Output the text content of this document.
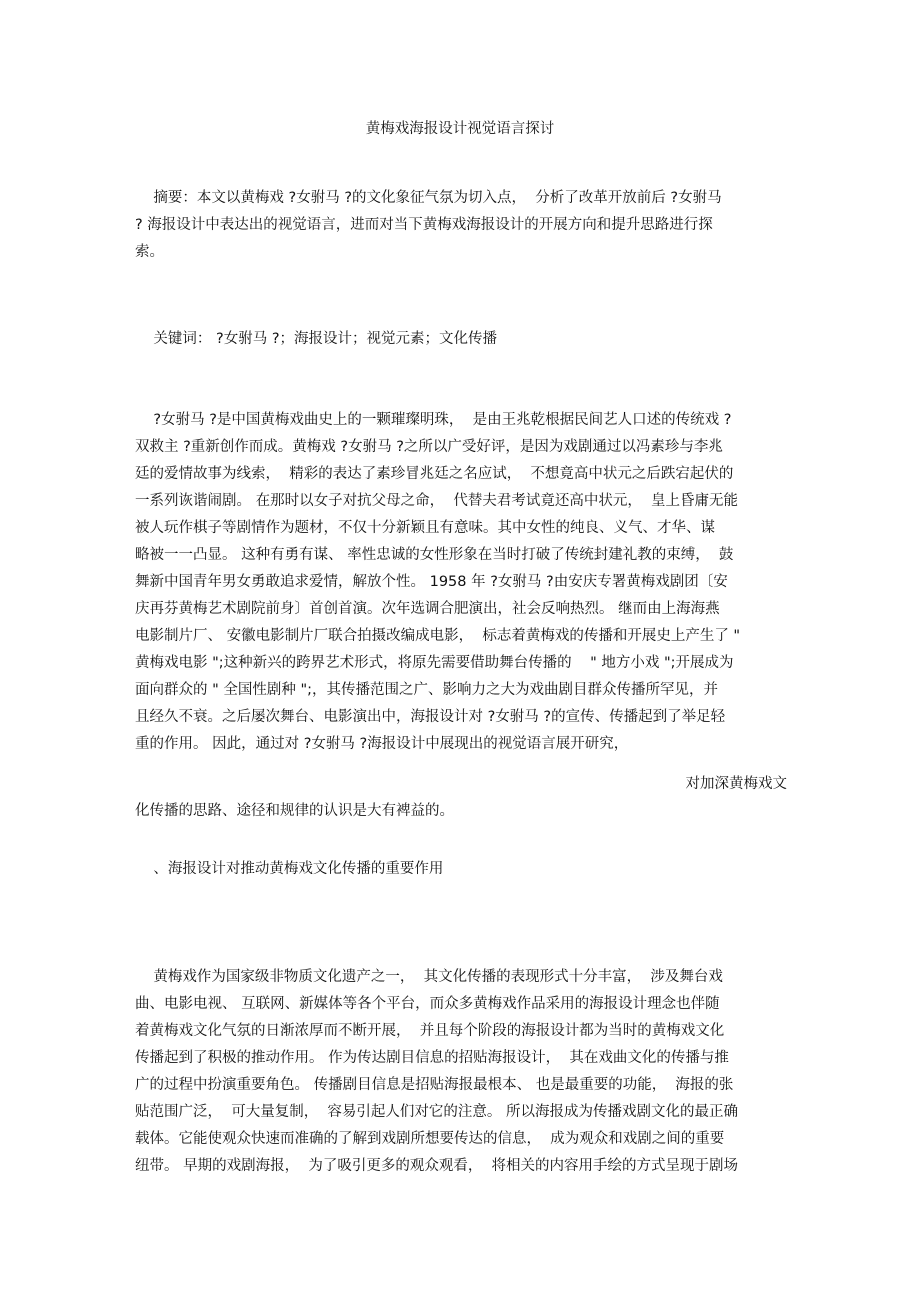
黄梅戏海报设计视觉语言探讨
摘要：本文以黄梅戏 ?女驸马 ?的文化象征气氛为切入点，  分析了改革开放前后 ?女驸马
? 海报设计中表达出的视觉语言，进而对当下黄梅戏海报设计的开展方向和提升思路进行探
索。
关键词： ?女驸马 ?；海报设计；视觉元素；文化传播
?女驸马 ?是中国黄梅戏曲史上的一颗璀璨明珠，  是由王兆乾根据民间艺人口述的传统戏 ?
双救主 ?重新创作而成。黄梅戏 ?女驸马 ?之所以广受好评，是因为戏剧通过以冯素珍与李兆
廷的爱情故事为线索，  精彩的表达了素珍冒兆廷之名应试，  不想竟高中状元之后跌宕起伏的
一系列诙谐闹剧。 在那时以女子对抗父母之命，  代替夫君考试竟还高中状元，  皇上昏庸无能
被人玩作棋子等剧情作为题材，不仅十分新颖且有意味。其中女性的纯良、义气、才华、谋
略被一一凸显。 这种有勇有谋、 率性忠诚的女性形象在当时打破了传统封建礼教的束缚，  鼓
舞新中国青年男女勇敢追求爱情，解放个性。 1958 年 ?女驸马 ?由安庆专署黄梅戏剧团〔安
庆再芬黄梅艺术剧院前身〕首创首演。次年选调合肥演出，社会反响热烈。 继而由上海海燕
电影制片厂、 安徽电影制片厂联合拍摄改编成电影，  标志着黄梅戏的传播和开展史上产生了 "
黄梅戏电影 ";这种新兴的跨界艺术形式，将原先需要借助舞台传播的    " 地方小戏 ";开展成为
面向群众的 " 全国性剧种 ";，其传播范围之广、影响力之大为戏曲剧目群众传播所罕见，并
且经久不衰。之后屡次舞台、电影演出中，海报设计对 ?女驸马 ?的宣传、传播起到了举足轻
重的作用。 因此，通过对 ?女驸马 ?海报设计中展现出的视觉语言展开研究，
对加深黄梅戏文
化传播的思路、途径和规律的认识是大有裨益的。
、海报设计对推动黄梅戏文化传播的重要作用
黄梅戏作为国家级非物质文化遗产之一，  其文化传播的表现形式十分丰富，  涉及舞台戏
曲、电影电视、 互联网、新媒体等各个平台，而众多黄梅戏作品采用的海报设计理念也伴随
着黄梅戏文化气氛的日渐浓厚而不断开展，  并且每个阶段的海报设计都为当时的黄梅戏文化
传播起到了积极的推动作用。 作为传达剧目信息的招贴海报设计，  其在戏曲文化的传播与推
广的过程中扮演重要角色。 传播剧目信息是招贴海报最根本、 也是最重要的功能，  海报的张
贴范围广泛，  可大量复制，  容易引起人们对它的注意。 所以海报成为传播戏剧文化的最正确
载体。它能使观众快速而准确的了解到戏剧所想要传达的信息，  成为观众和戏剧之间的重要
纽带。 早期的戏剧海报，  为了吸引更多的观众观看，  将相关的内容用手绘的方式呈现于剧场
